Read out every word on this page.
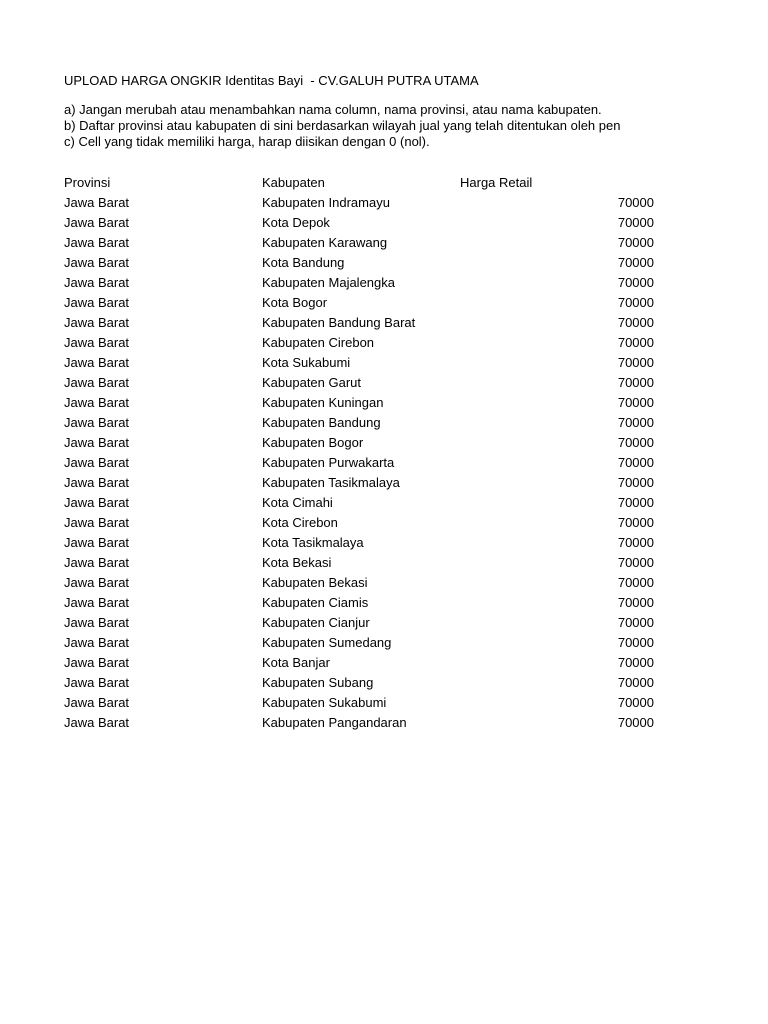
UPLOAD HARGA ONGKIR Identitas Bayi  - CV.GALUH PUTRA UTAMA
a) Jangan merubah atau menambahkan nama column, nama provinsi, atau nama kabupaten.
b) Daftar provinsi atau kabupaten di sini berdasarkan wilayah jual yang telah ditentukan oleh pen
c) Cell yang tidak memiliki harga, harap diisikan dengan 0 (nol).
Provinsi	Kabupaten	Harga Retail
Jawa Barat	Kabupaten Indramayu	70000
Jawa Barat	Kota Depok	70000
Jawa Barat	Kabupaten Karawang	70000
Jawa Barat	Kota Bandung	70000
Jawa Barat	Kabupaten Majalengka	70000
Jawa Barat	Kota Bogor	70000
Jawa Barat	Kabupaten Bandung Barat	70000
Jawa Barat	Kabupaten Cirebon	70000
Jawa Barat	Kota Sukabumi	70000
Jawa Barat	Kabupaten Garut	70000
Jawa Barat	Kabupaten Kuningan	70000
Jawa Barat	Kabupaten Bandung	70000
Jawa Barat	Kabupaten Bogor	70000
Jawa Barat	Kabupaten Purwakarta	70000
Jawa Barat	Kabupaten Tasikmalaya	70000
Jawa Barat	Kota Cimahi	70000
Jawa Barat	Kota Cirebon	70000
Jawa Barat	Kota Tasikmalaya	70000
Jawa Barat	Kota Bekasi	70000
Jawa Barat	Kabupaten Bekasi	70000
Jawa Barat	Kabupaten Ciamis	70000
Jawa Barat	Kabupaten Cianjur	70000
Jawa Barat	Kabupaten Sumedang	70000
Jawa Barat	Kota Banjar	70000
Jawa Barat	Kabupaten Subang	70000
Jawa Barat	Kabupaten Sukabumi	70000
Jawa Barat	Kabupaten Pangandaran	70000
